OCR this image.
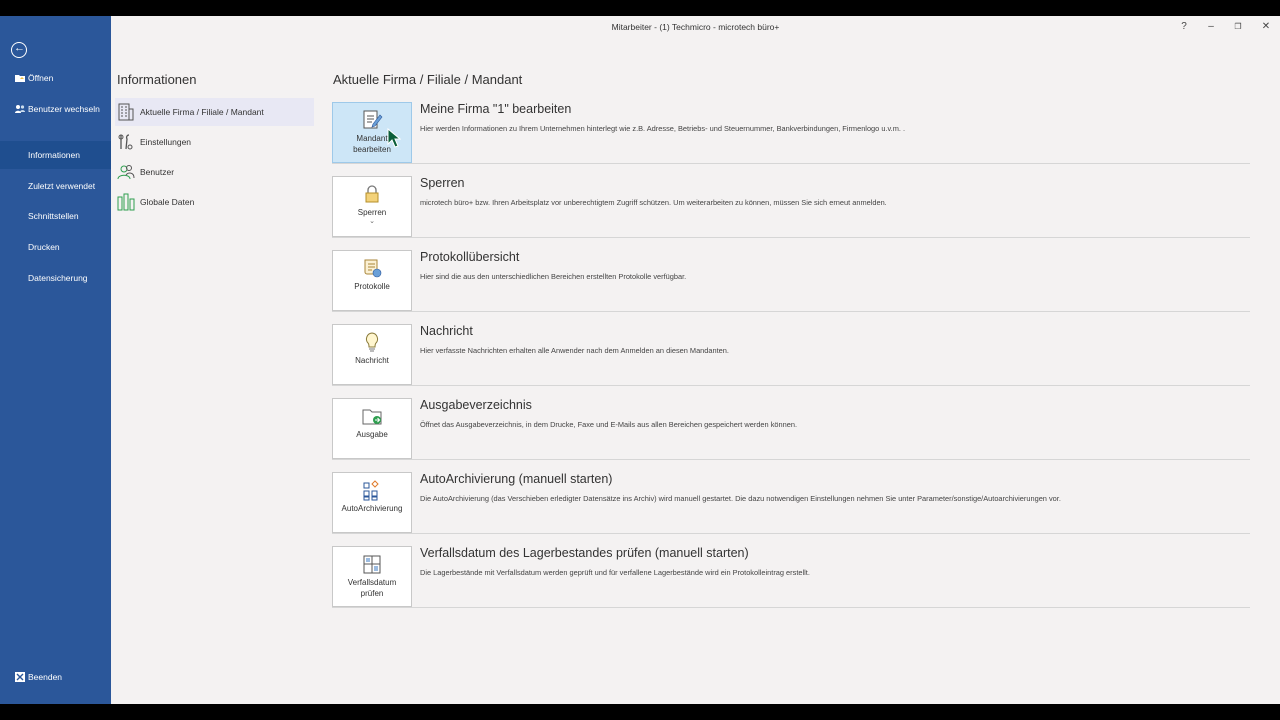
←
Öffnen
Benutzer wechseln
Informationen
Zuletzt verwendet
Schnittstellen
Drucken
Datensicherung
Beenden
Mitarbeiter - (1) Techmicro - microtech büro+	?	–	❐	✕
Informationen
Aktuelle Firma / Filiale / Mandant
Einstellungen
Benutzer
Globale Daten
Aktuelle Firma / Filiale / Mandant
Mandant bearbeiten
Meine Firma "1" bearbeiten
Hier werden Informationen zu Ihrem Unternehmen hinterlegt wie z.B. Adresse, Betriebs- und Steuernummer, Bankverbindungen, Firmenlogo u.v.m. .
Sperren
⌄
Sperren
microtech büro+ bzw. Ihren Arbeitsplatz vor unberechtigtem Zugriff schützen. Um weiterarbeiten zu können, müssen Sie sich erneut anmelden.
Protokolle
Protokollübersicht
Hier sind die aus den unterschiedlichen Bereichen erstellten Protokolle verfügbar.
Nachricht
Nachricht
Hier verfasste Nachrichten erhalten alle Anwender nach dem Anmelden an diesen Mandanten.
Ausgabe
Ausgabeverzeichnis
Öffnet das Ausgabeverzeichnis, in dem Drucke, Faxe und E-Mails aus allen Bereichen gespeichert werden können.
AutoArchivierung
AutoArchivierung (manuell starten)
Die AutoArchivierung (das Verschieben erledigter Datensätze ins Archiv) wird manuell gestartet. Die dazu notwendigen Einstellungen nehmen Sie unter Parameter/sonstige/Autoarchivierungen vor.
Verfallsdatum prüfen
Verfallsdatum des Lagerbestandes prüfen (manuell starten)
Die Lagerbestände mit Verfallsdatum werden geprüft und für verfallene Lagerbestände wird ein Protokolleintrag erstellt.
